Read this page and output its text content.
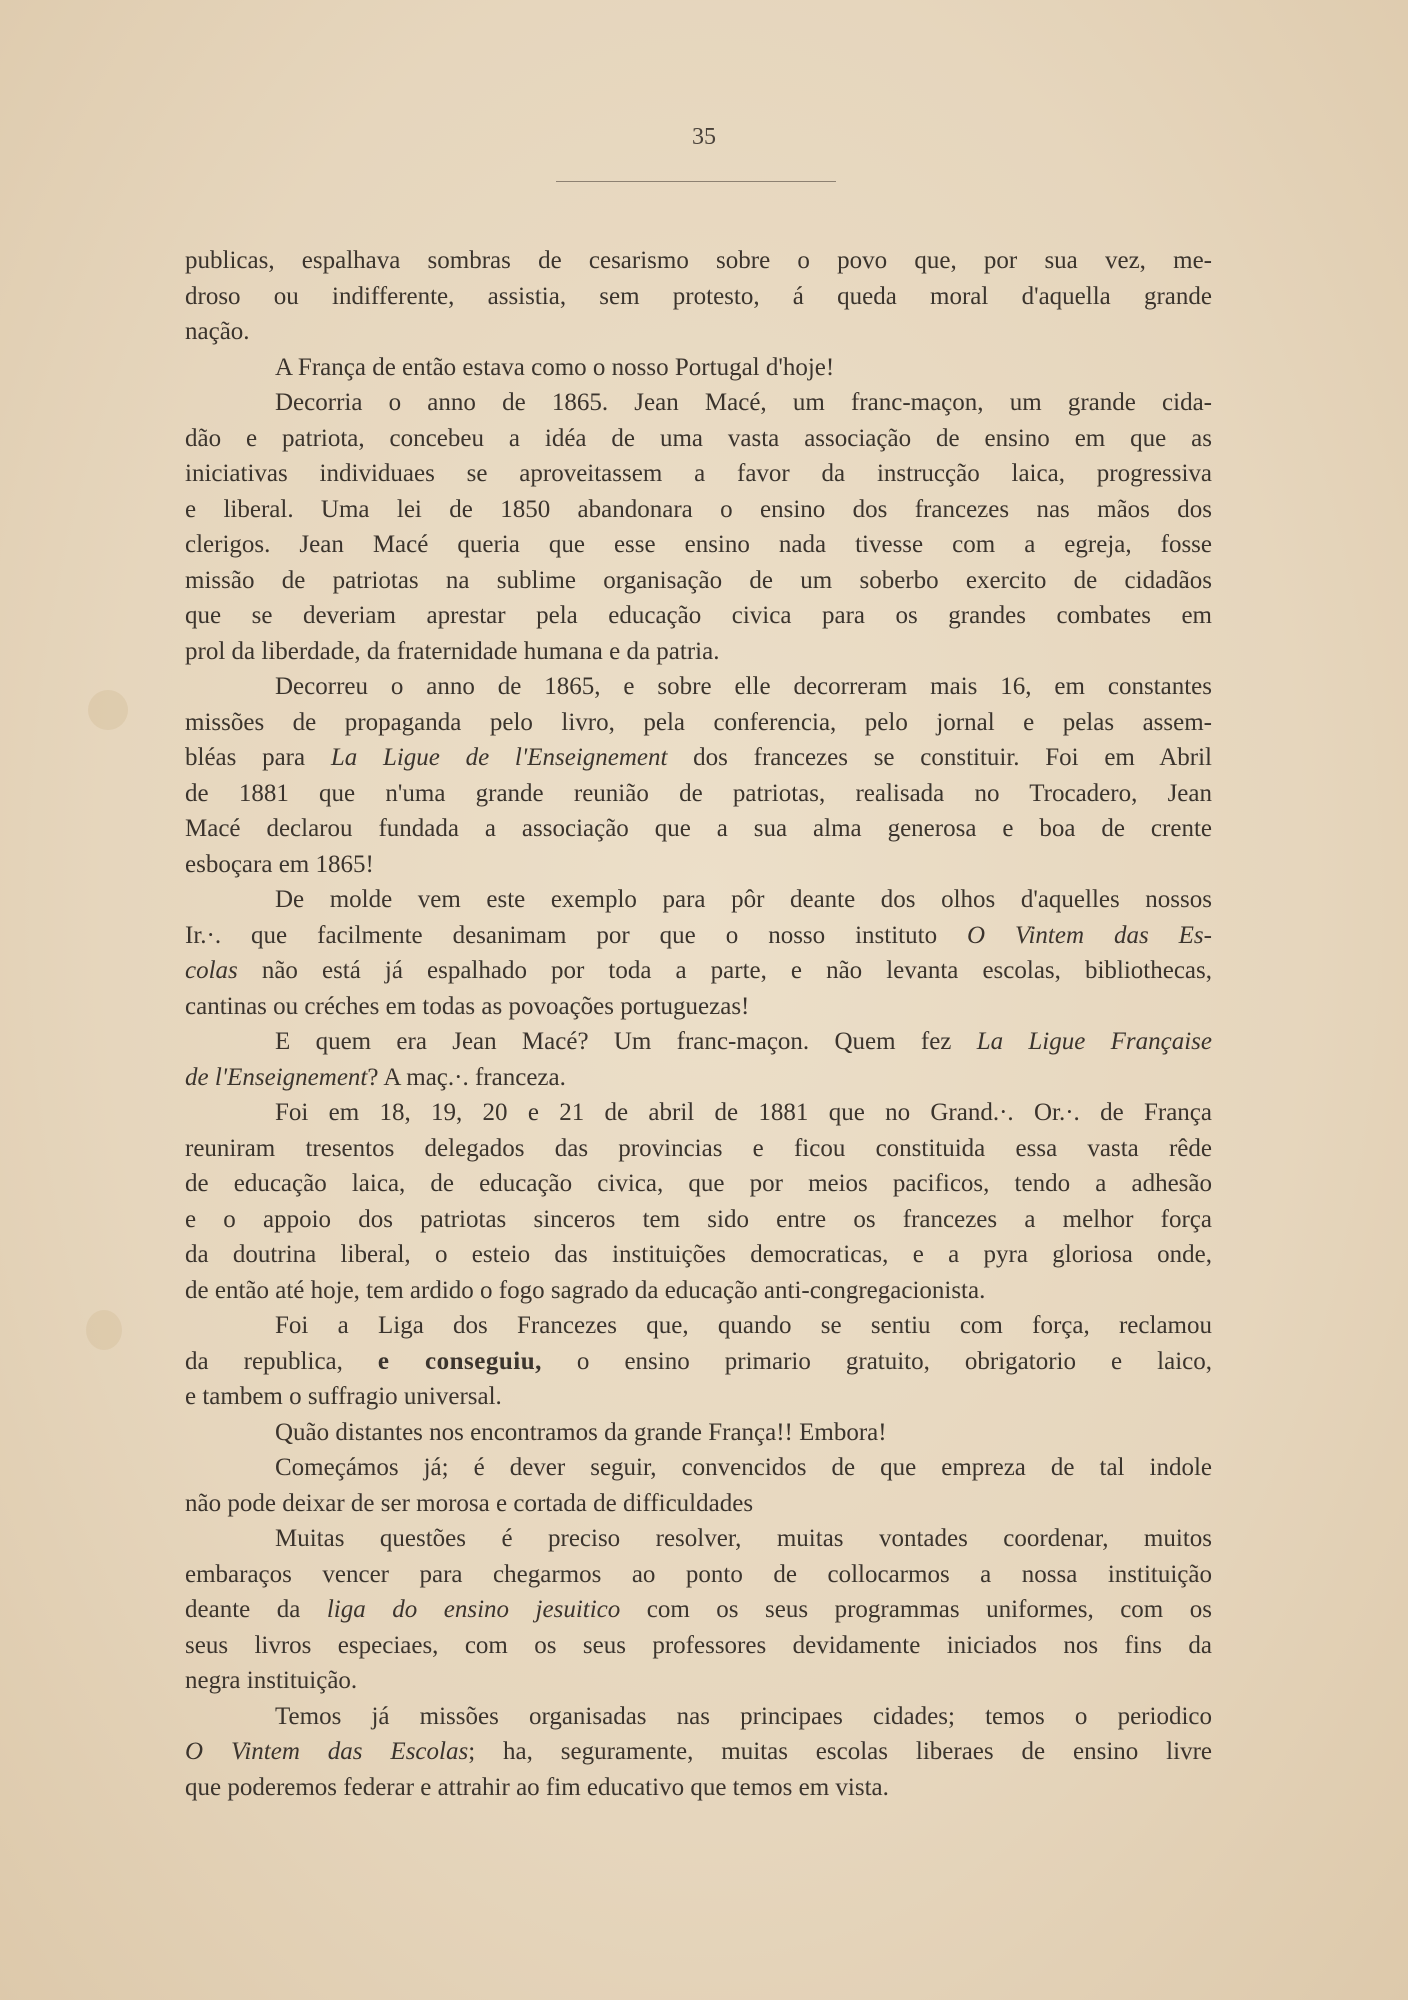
35
publicas, espalhava sombras de cesarismo sobre o povo que, por sua vez, me-
droso ou indifferente, assistia, sem protesto, á queda moral d'aquella grande
nação.
A França de então estava como o nosso Portugal d'hoje!
Decorria o anno de 1865. Jean Macé, um franc-maçon, um grande cida-
dão e patriota, concebeu a idéa de uma vasta associação de ensino em que as
iniciativas individuaes se aproveitassem a favor da instrucção laica, progressiva
e liberal. Uma lei de 1850 abandonara o ensino dos francezes nas mãos dos
clerigos. Jean Macé queria que esse ensino nada tivesse com a egreja, fosse
missão de patriotas na sublime organisação de um soberbo exercito de cidadãos
que se deveriam aprestar pela educação civica para os grandes combates em
prol da liberdade, da fraternidade humana e da patria.
Decorreu o anno de 1865, e sobre elle decorreram mais 16, em constantes
missões de propaganda pelo livro, pela conferencia, pelo jornal e pelas assem-
bléas para La Ligue de l'Enseignement dos francezes se constituir. Foi em Abril
de 1881 que n'uma grande reunião de patriotas, realisada no Trocadero, Jean
Macé declarou fundada a associação que a sua alma generosa e boa de crente
esboçara em 1865!
De molde vem este exemplo para pôr deante dos olhos d'aquelles nossos
Ir.·. que facilmente desanimam por que o nosso instituto O Vintem das Es-
colas não está já espalhado por toda a parte, e não levanta escolas, bibliothecas,
cantinas ou créches em todas as povoações portuguezas!
E quem era Jean Macé? Um franc-maçon. Quem fez La Ligue Française
de l'Enseignement? A maç.·. franceza.
Foi em 18, 19, 20 e 21 de abril de 1881 que no Grand.·. Or.·. de França
reuniram tresentos delegados das provincias e ficou constituida essa vasta rêde
de educação laica, de educação civica, que por meios pacificos, tendo a adhesão
e o appoio dos patriotas sinceros tem sido entre os francezes a melhor força
da doutrina liberal, o esteio das instituições democraticas, e a pyra gloriosa onde,
de então até hoje, tem ardido o fogo sagrado da educação anti-congregacionista.
Foi a Liga dos Francezes que, quando se sentiu com força, reclamou
da republica, e conseguiu, o ensino primario gratuito, obrigatorio e laico,
e tambem o suffragio universal.
Quão distantes nos encontramos da grande França!! Embora!
Começámos já; é dever seguir, convencidos de que empreza de tal indole
não pode deixar de ser morosa e cortada de difficuldades
Muitas questões é preciso resolver, muitas vontades coordenar, muitos
embaraços vencer para chegarmos ao ponto de collocarmos a nossa instituição
deante da liga do ensino jesuitico com os seus programmas uniformes, com os
seus livros especiaes, com os seus professores devidamente iniciados nos fins da
negra instituição.
Temos já missões organisadas nas principaes cidades; temos o periodico
O Vintem das Escolas; ha, seguramente, muitas escolas liberaes de ensino livre
que poderemos federar e attrahir ao fim educativo que temos em vista.
